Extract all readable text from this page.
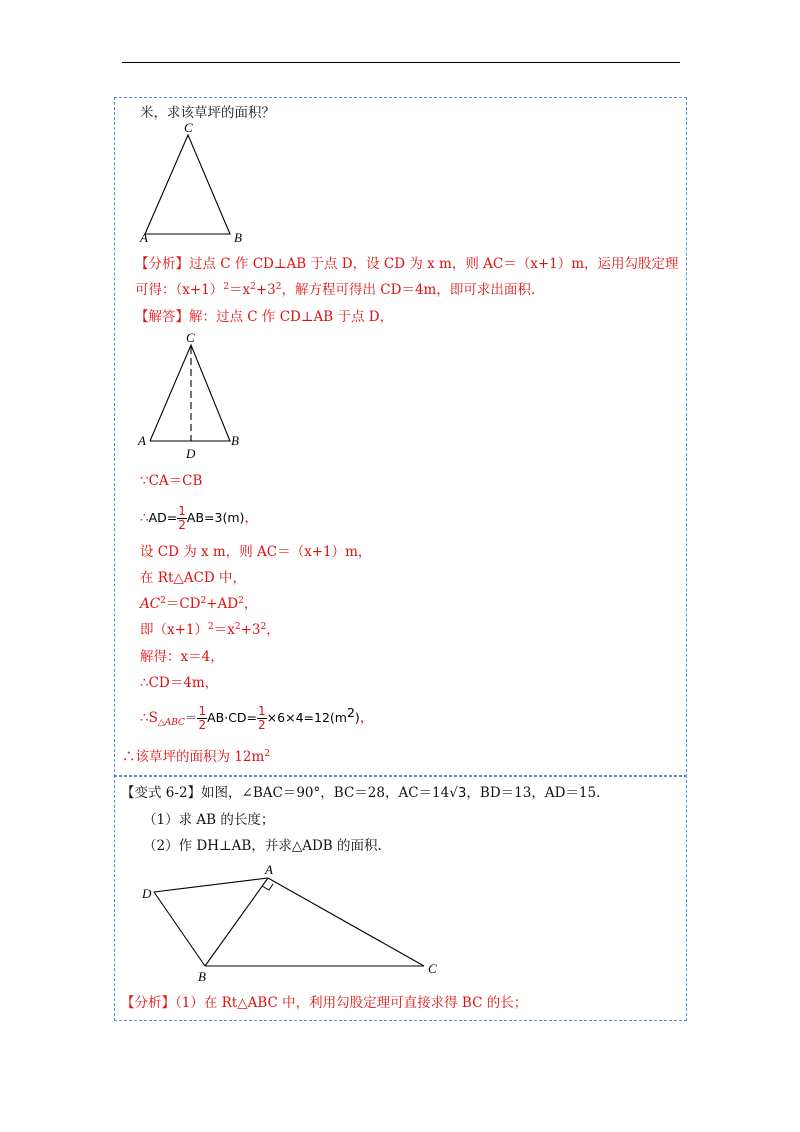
米，求该草坪的面积？
C
A	B
【分析】过点 C 作 CD⊥AB 于点 D，设 CD 为 x m，则 AC＝（x+1）m，运用勾股定理
可得：$(x+1)^2=x^2+3^2$，解方程可得出 CD＝4m，即可求出面积.
【解答】解：过点 C 作 CD⊥AB 于点 D，
C
A	B
D
∵CA＝CB
∴AD= $\frac{1}{2} AB=3(m)$，
设 CD 为 x m，则 AC＝（x+1）m，
在 Rt△ACD 中，
$AC^2=CD^2+AD^2$，
即$(x+1)^2=x^2+3^2$，
解得：x＝4，
∴CD＝4m，
$\therefore S_{\triangle ABC}= \frac{1}{2} AB\cdot CD= \frac{1}{2} \times 6\times 4=12(m^2)$，
∴该草坪的面积为 $12m^2$
【变式 6-2】如图，∠BAC＝90°，BC＝28，AC＝14√3，BD＝13，AD＝15.
（1）求 AB 的长度；
（2）作 DH⊥AB，并求△ADB 的面积.
A
D
B
C
【分析】（1）在 Rt△ABC 中，利用勾股定理可直接求得 BC 的长；
